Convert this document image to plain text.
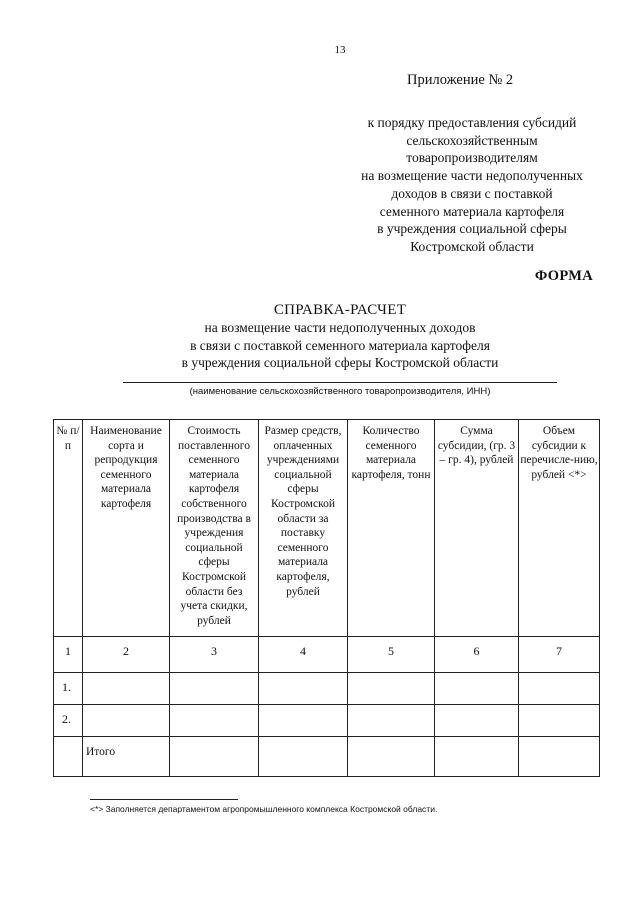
13
Приложение № 2
к порядку предоставления субсидий
сельскохозяйственным
товаропроизводителям
на возмещение части недополученных
доходов в связи с поставкой
семенного материала картофеля
в учреждения социальной сферы
Костромской области
ФОРМА
СПРАВКА-РАСЧЕТ
на возмещение части недополученных доходов
в связи с поставкой семенного материала картофеля
в учреждения социальной сферы Костромской области
(наименование сельскохозяйственного товаропроизводителя, ИНН)
№ п/п	Наименование сорта и репродукция семенного материала картофеля	Стоимость поставленного семенного материала картофеля собственного производства в учреждения социальной сферы Костромской области без учета скидки, рублей	Размер средств, оплаченных учреждениями социальной сферы Костромской области за поставку семенного материала картофеля, рублей	Количество семенного материала картофеля, тонн	Сумма субсидии, (гр. 3 – гр. 4), рублей	Объем субсидии к перечисле-нию, рублей <*>
1	2	3	4	5	6	7
1.						
2.						
	Итого					
<*> Заполняется департаментом агропромышленного комплекса Костромской области.
